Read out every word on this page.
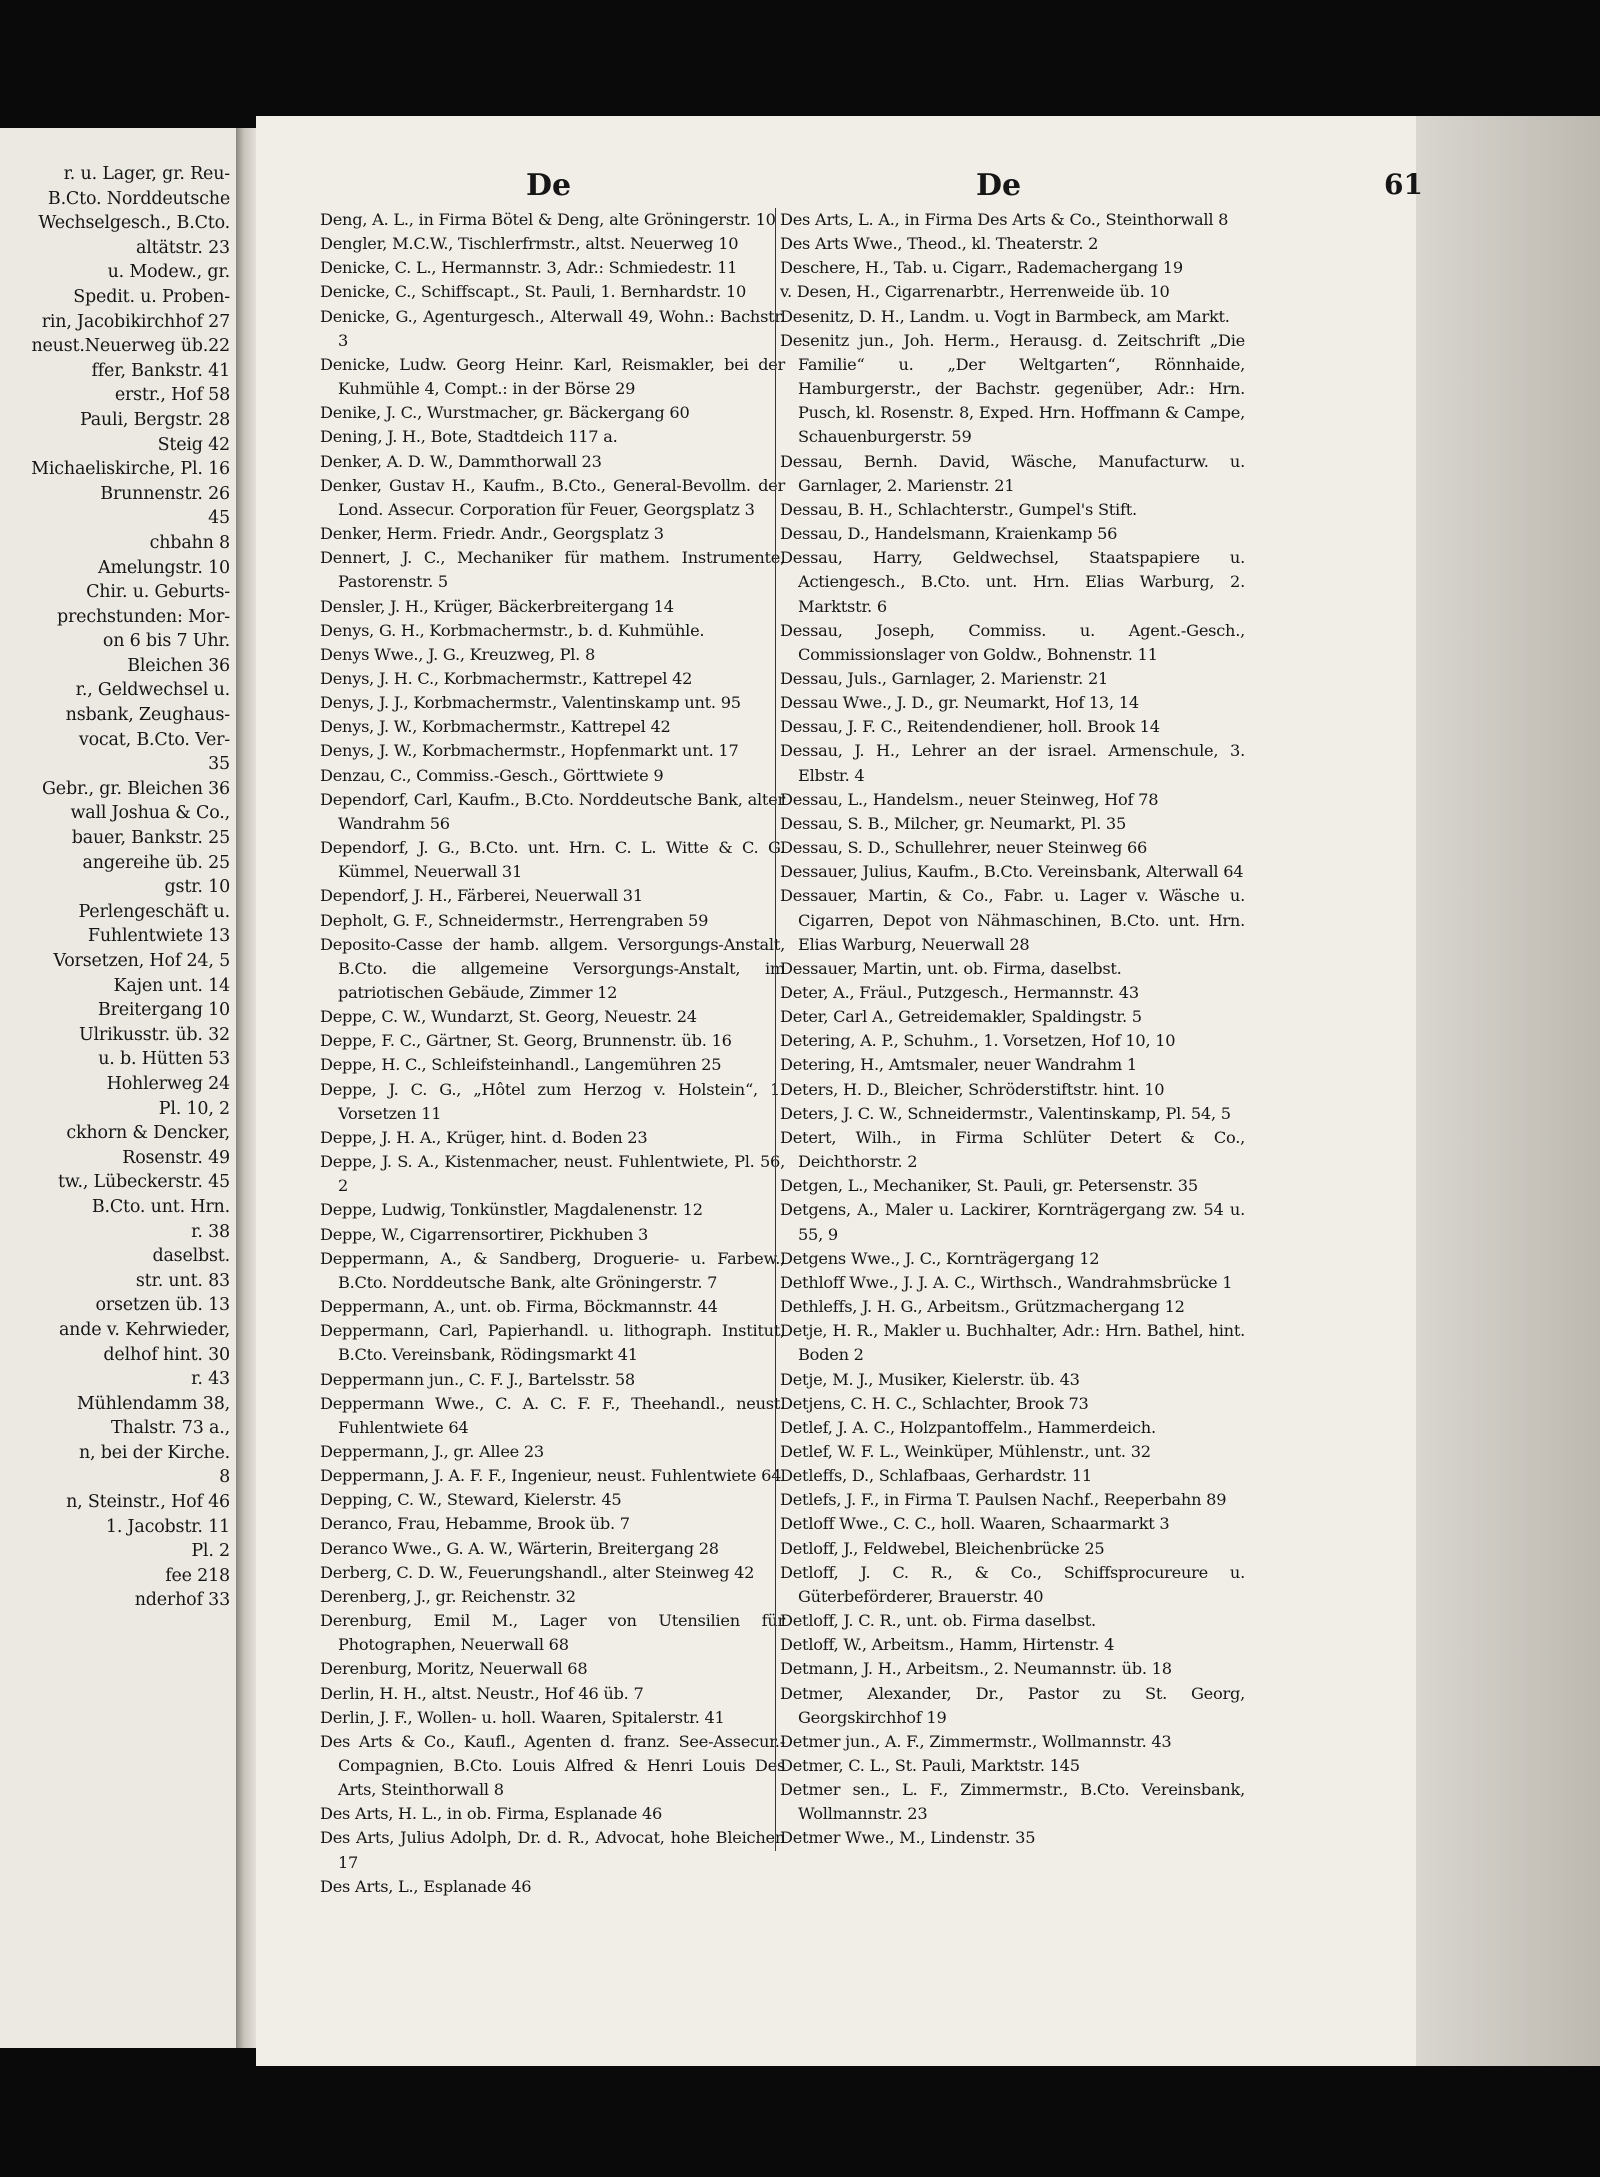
r. u. Lager, gr. Reu-
B.Cto. Norddeutsche
Wechselgesch., B.Cto.
altätstr. 23
u. Modew., gr.
Spedit. u. Proben-
rin, Jacobikirchhof 27
neust.Neuerweg üb.22
ffer, Bankstr. 41
erstr., Hof 58
Pauli, Bergstr. 28
Steig 42
Michaeliskirche, Pl. 16
Brunnenstr. 26
45
chbahn 8
Amelungstr. 10
Chir. u. Geburts-
prechstunden: Mor-
on 6 bis 7 Uhr.
Bleichen 36
r., Geldwechsel u.
nsbank, Zeughaus-
vocat, B.Cto. Ver-
35
Gebr., gr. Bleichen 36
wall Joshua & Co.,
bauer, Bankstr. 25
angereihe üb. 25
gstr. 10
Perlengeschäft u.
Fuhlentwiete 13
Vorsetzen, Hof 24, 5
Kajen unt. 14
Breitergang 10
Ulrikusstr. üb. 32
u. b. Hütten 53
Hohlerweg 24
Pl. 10, 2
ckhorn & Dencker,
Rosenstr. 49
tw., Lübeckerstr. 45
B.Cto. unt. Hrn.
r. 38
daselbst.
str. unt. 83
orsetzen üb. 13
ande v. Kehrwieder,
delhof hint. 30
r. 43
Mühlendamm 38,
Thalstr. 73 a.,
n, bei der Kirche.
8
n, Steinstr., Hof 46
1. Jacobstr. 11
Pl. 2
fee 218
nderhof 33
De	De	61
Deng, A. L., in Firma Bötel & Deng, alte Gröningerstr. 10
Dengler, M.C.W., Tischlerfrmstr., altst. Neuerweg 10
Denicke, C. L., Hermannstr. 3, Adr.: Schmiedestr. 11
Denicke, C., Schiffscapt., St. Pauli, 1. Bernhardstr. 10
Denicke, G., Agenturgesch., Alterwall 49, Wohn.: Bachstr. 3
Denicke, Ludw. Georg Heinr. Karl, Reismakler, bei der Kuhmühle 4, Compt.: in der Börse 29
Denike, J. C., Wurstmacher, gr. Bäckergang 60
Dening, J. H., Bote, Stadtdeich 117 a.
Denker, A. D. W., Dammthorwall 23
Denker, Gustav H., Kaufm., B.Cto., General-Bevollm. der Lond. Assecur. Corporation für Feuer, Georgsplatz 3
Denker, Herm. Friedr. Andr., Georgsplatz 3
Dennert, J. C., Mechaniker für mathem. Instrumente, Pastorenstr. 5
Densler, J. H., Krüger, Bäckerbreitergang 14
Denys, G. H., Korbmachermstr., b. d. Kuhmühle.
Denys Wwe., J. G., Kreuzweg, Pl. 8
Denys, J. H. C., Korbmachermstr., Kattrepel 42
Denys, J. J., Korbmachermstr., Valentinskamp unt. 95
Denys, J. W., Korbmachermstr., Kattrepel 42
Denys, J. W., Korbmachermstr., Hopfenmarkt unt. 17
Denzau, C., Commiss.-Gesch., Görttwiete 9
Dependorf, Carl, Kaufm., B.Cto. Norddeutsche Bank, alter Wandrahm 56
Dependorf, J. G., B.Cto. unt. Hrn. C. L. Witte & C. G. Kümmel, Neuerwall 31
Dependorf, J. H., Färberei, Neuerwall 31
Depholt, G. F., Schneidermstr., Herrengraben 59
Deposito-Casse der hamb. allgem. Versorgungs-Anstalt, B.Cto. die allgemeine Versorgungs-Anstalt, im patriotischen Gebäude, Zimmer 12
Deppe, C. W., Wundarzt, St. Georg, Neuestr. 24
Deppe, F. C., Gärtner, St. Georg, Brunnenstr. üb. 16
Deppe, H. C., Schleifsteinhandl., Langemühren 25
Deppe, J. C. G., „Hôtel zum Herzog v. Holstein“, 1. Vorsetzen 11
Deppe, J. H. A., Krüger, hint. d. Boden 23
Deppe, J. S. A., Kistenmacher, neust. Fuhlentwiete, Pl. 56, 2
Deppe, Ludwig, Tonkünstler, Magdalenenstr. 12
Deppe, W., Cigarrensortirer, Pickhuben 3
Deppermann, A., & Sandberg, Droguerie- u. Farbew., B.Cto. Norddeutsche Bank, alte Gröningerstr. 7
Deppermann, A., unt. ob. Firma, Böckmannstr. 44
Deppermann, Carl, Papierhandl. u. lithograph. Institut, B.Cto. Vereinsbank, Rödingsmarkt 41
Deppermann jun., C. F. J., Bartelsstr. 58
Deppermann Wwe., C. A. C. F. F., Theehandl., neust. Fuhlentwiete 64
Deppermann, J., gr. Allee 23
Deppermann, J. A. F. F., Ingenieur, neust. Fuhlentwiete 64
Depping, C. W., Steward, Kielerstr. 45
Deranco, Frau, Hebamme, Brook üb. 7
Deranco Wwe., G. A. W., Wärterin, Breitergang 28
Derberg, C. D. W., Feuerungshandl., alter Steinweg 42
Derenberg, J., gr. Reichenstr. 32
Derenburg, Emil M., Lager von Utensilien für Photographen, Neuerwall 68
Derenburg, Moritz, Neuerwall 68
Derlin, H. H., altst. Neustr., Hof 46 üb. 7
Derlin, J. F., Wollen- u. holl. Waaren, Spitalerstr. 41
Des Arts & Co., Kaufl., Agenten d. franz. See-Assecur.-Compagnien, B.Cto. Louis Alfred & Henri Louis Des Arts, Steinthorwall 8
Des Arts, H. L., in ob. Firma, Esplanade 46
Des Arts, Julius Adolph, Dr. d. R., Advocat, hohe Bleichen 17
Des Arts, L., Esplanade 46
Des Arts, L. A., in Firma Des Arts & Co., Steinthorwall 8
Des Arts Wwe., Theod., kl. Theaterstr. 2
Deschere, H., Tab. u. Cigarr., Rademachergang 19
v. Desen, H., Cigarrenarbtr., Herrenweide üb. 10
Desenitz, D. H., Landm. u. Vogt in Barmbeck, am Markt.
Desenitz jun., Joh. Herm., Herausg. d. Zeitschrift „Die Familie“ u. „Der Weltgarten“, Rönnhaide, Hamburgerstr., der Bachstr. gegenüber, Adr.: Hrn. Pusch, kl. Rosenstr. 8, Exped. Hrn. Hoffmann & Campe, Schauenburgerstr. 59
Dessau, Bernh. David, Wäsche, Manufacturw. u. Garnlager, 2. Marienstr. 21
Dessau, B. H., Schlachterstr., Gumpel's Stift.
Dessau, D., Handelsmann, Kraienkamp 56
Dessau, Harry, Geldwechsel, Staatspapiere u. Actiengesch., B.Cto. unt. Hrn. Elias Warburg, 2. Marktstr. 6
Dessau, Joseph, Commiss. u. Agent.-Gesch., Commissionslager von Goldw., Bohnenstr. 11
Dessau, Juls., Garnlager, 2. Marienstr. 21
Dessau Wwe., J. D., gr. Neumarkt, Hof 13, 14
Dessau, J. F. C., Reitendendiener, holl. Brook 14
Dessau, J. H., Lehrer an der israel. Armenschule, 3. Elbstr. 4
Dessau, L., Handelsm., neuer Steinweg, Hof 78
Dessau, S. B., Milcher, gr. Neumarkt, Pl. 35
Dessau, S. D., Schullehrer, neuer Steinweg 66
Dessauer, Julius, Kaufm., B.Cto. Vereinsbank, Alterwall 64
Dessauer, Martin, & Co., Fabr. u. Lager v. Wäsche u. Cigarren, Depot von Nähmaschinen, B.Cto. unt. Hrn. Elias Warburg, Neuerwall 28
Dessauer, Martin, unt. ob. Firma, daselbst.
Deter, A., Fräul., Putzgesch., Hermannstr. 43
Deter, Carl A., Getreidemakler, Spaldingstr. 5
Detering, A. P., Schuhm., 1. Vorsetzen, Hof 10, 10
Detering, H., Amtsmaler, neuer Wandrahm 1
Deters, H. D., Bleicher, Schröderstiftstr. hint. 10
Deters, J. C. W., Schneidermstr., Valentinskamp, Pl. 54, 5
Detert, Wilh., in Firma Schlüter Detert & Co., Deichthorstr. 2
Detgen, L., Mechaniker, St. Pauli, gr. Petersenstr. 35
Detgens, A., Maler u. Lackirer, Kornträgergang zw. 54 u. 55, 9
Detgens Wwe., J. C., Kornträgergang 12
Dethloff Wwe., J. J. A. C., Wirthsch., Wandrahmsbrücke 1
Dethleffs, J. H. G., Arbeitsm., Grützmachergang 12
Detje, H. R., Makler u. Buchhalter, Adr.: Hrn. Bathel, hint. Boden 2
Detje, M. J., Musiker, Kielerstr. üb. 43
Detjens, C. H. C., Schlachter, Brook 73
Detlef, J. A. C., Holzpantoffelm., Hammerdeich.
Detlef, W. F. L., Weinküper, Mühlenstr., unt. 32
Detleffs, D., Schlafbaas, Gerhardstr. 11
Detlefs, J. F., in Firma T. Paulsen Nachf., Reeperbahn 89
Detloff Wwe., C. C., holl. Waaren, Schaarmarkt 3
Detloff, J., Feldwebel, Bleichenbrücke 25
Detloff, J. C. R., & Co., Schiffsprocureure u. Güterbeförderer, Brauerstr. 40
Detloff, J. C. R., unt. ob. Firma daselbst.
Detloff, W., Arbeitsm., Hamm, Hirtenstr. 4
Detmann, J. H., Arbeitsm., 2. Neumannstr. üb. 18
Detmer, Alexander, Dr., Pastor zu St. Georg, Georgskirchhof 19
Detmer jun., A. F., Zimmermstr., Wollmannstr. 43
Detmer, C. L., St. Pauli, Marktstr. 145
Detmer sen., L. F., Zimmermstr., B.Cto. Vereinsbank, Wollmannstr. 23
Detmer Wwe., M., Lindenstr. 35
